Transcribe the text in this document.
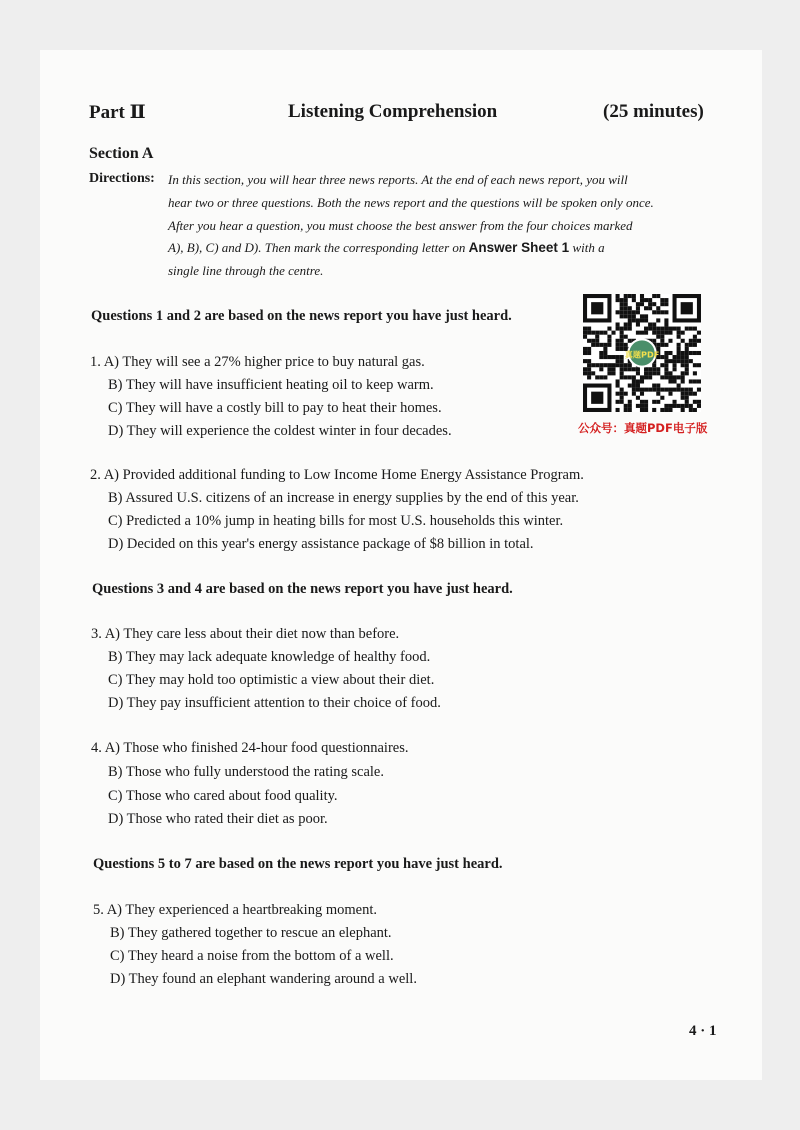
Part Ⅱ	Listening Comprehension	(25 minutes)
Section A
Directions: In this section, you will hear three news reports. At the end of each news report, you will
hear two or three questions. Both the news report and the questions will be spoken only once.
After you hear a question, you must choose the best answer from the four choices marked
A), B), C) and D). Then mark the corresponding letter on Answer Sheet 1 with a
single line through the centre.
Questions 1 and 2 are based on the news report you have just heard.
真题PDF
公众号：真题PDF电子版
1. A) They will see a 27% higher price to buy natural gas.
B) They will have insufficient heating oil to keep warm.
C) They will have a costly bill to pay to heat their homes.
D) They will experience the coldest winter in four decades.
2. A) Provided additional funding to Low Income Home Energy Assistance Program.
B) Assured U.S. citizens of an increase in energy supplies by the end of this year.
C) Predicted a 10% jump in heating bills for most U.S. households this winter.
D) Decided on this year's energy assistance package of $8 billion in total.
Questions 3 and 4 are based on the news report you have just heard.
3. A) They care less about their diet now than before.
B) They may lack adequate knowledge of healthy food.
C) They may hold too optimistic a view about their diet.
D) They pay insufficient attention to their choice of food.
4. A) Those who finished 24-hour food questionnaires.
B) Those who fully understood the rating scale.
C) Those who cared about food quality.
D) Those who rated their diet as poor.
Questions 5 to 7 are based on the news report you have just heard.
5. A) They experienced a heartbreaking moment.
B) They gathered together to rescue an elephant.
C) They heard a noise from the bottom of a well.
D) They found an elephant wandering around a well.
4 · 1
